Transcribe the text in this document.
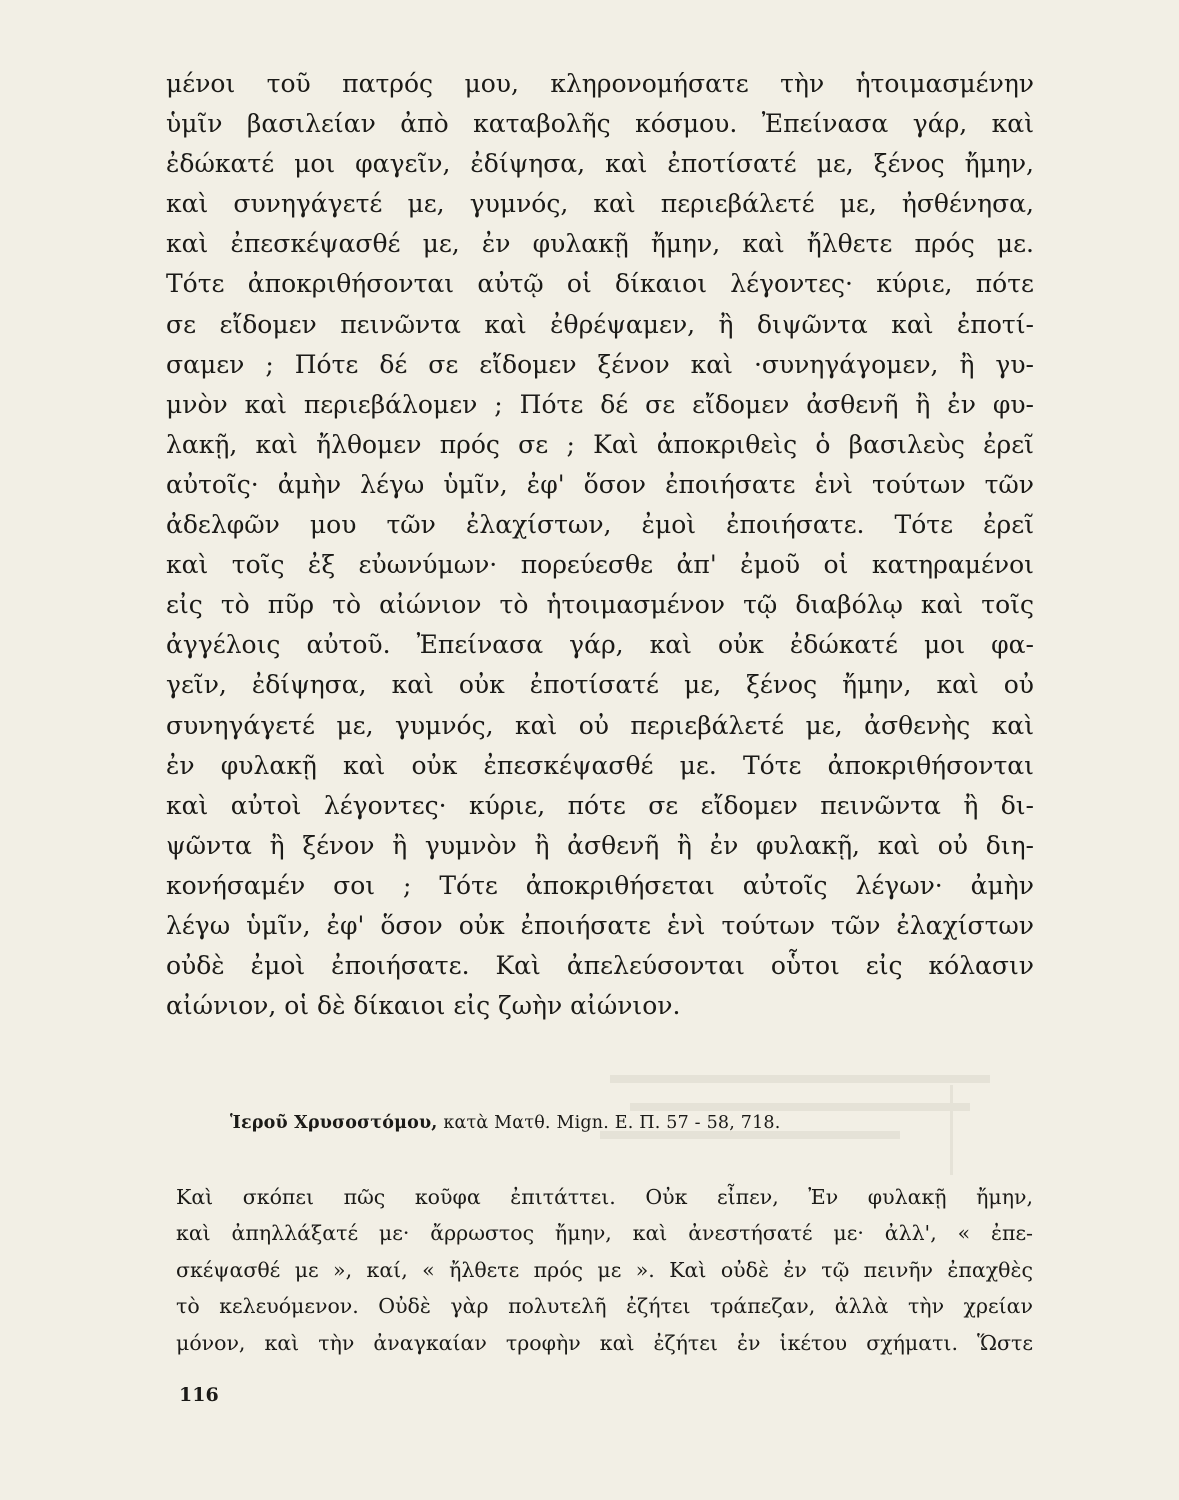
μένοι τοῦ πατρός μου, κληρονομήσατε τὴν ἡτοιμασμένην
ὑμῖν βασιλείαν ἀπὸ καταβολῆς κόσμου. Ἐπείνασα γάρ, καὶ
ἐδώκατέ μοι φαγεῖν, ἐδίψησα, καὶ ἐποτίσατέ με, ξένος ἤμην,
καὶ συνηγάγετέ με, γυμνός, καὶ περιεβάλετέ με, ἠσθένησα,
καὶ ἐπεσκέψασθέ με, ἐν φυλακῇ ἤμην, καὶ ἤλθετε πρός με.
Τότε ἀποκριθήσονται αὐτῷ οἱ δίκαιοι λέγοντες· κύριε, πότε
σε εἴδομεν πεινῶντα καὶ ἐθρέψαμεν, ἢ διψῶντα καὶ ἐποτί-
σαμεν ; Πότε δέ σε εἴδομεν ξένον καὶ ·συνηγάγομεν, ἢ γυ-
μνὸν καὶ περιεβάλομεν ; Πότε δέ σε εἴδομεν ἀσθενῆ ἢ ἐν φυ-
λακῇ, καὶ ἤλθομεν πρός σε ; Καὶ ἀποκριθεὶς ὁ βασιλεὺς ἐρεῖ
αὐτοῖς· ἀμὴν λέγω ὑμῖν, ἐφ' ὅσον ἐποιήσατε ἑνὶ τούτων τῶν
ἀδελφῶν μου τῶν ἐλαχίστων, ἐμοὶ ἐποιήσατε. Τότε ἐρεῖ
καὶ τοῖς ἐξ εὐωνύμων· πορεύεσθε ἀπ' ἐμοῦ οἱ κατηραμένοι
εἰς τὸ πῦρ τὸ αἰώνιον τὸ ἡτοιμασμένον τῷ διαβόλῳ καὶ τοῖς
ἀγγέλοις αὐτοῦ. Ἐπείνασα γάρ, καὶ οὐκ ἐδώκατέ μοι φα-
γεῖν, ἐδίψησα, καὶ οὐκ ἐποτίσατέ με, ξένος ἤμην, καὶ οὐ
συνηγάγετέ με, γυμνός, καὶ οὐ περιεβάλετέ με, ἀσθενὴς καὶ
ἐν φυλακῇ καὶ οὐκ ἐπεσκέψασθέ με. Τότε ἀποκριθήσονται
καὶ αὐτοὶ λέγοντες· κύριε, πότε σε εἴδομεν πεινῶντα ἢ δι-
ψῶντα ἢ ξένον ἢ γυμνὸν ἢ ἀσθενῆ ἢ ἐν φυλακῇ, καὶ οὐ διη-
κονήσαμέν σοι ; Τότε ἀποκριθήσεται αὐτοῖς λέγων· ἀμὴν
λέγω ὑμῖν, ἐφ' ὅσον οὐκ ἐποιήσατε ἑνὶ τούτων τῶν ἐλαχίστων
οὐδὲ ἐμοὶ ἐποιήσατε. Καὶ ἀπελεύσονται οὗτοι εἰς κόλασιν
αἰώνιον, οἱ δὲ δίκαιοι εἰς ζωὴν αἰώνιον.
Ἱεροῦ Χρυσοστόμου, κατὰ Ματθ. Mign. E. Π. 57 - 58, 718.
Καὶ σκόπει πῶς κοῦφα ἐπιτάττει. Οὐκ εἶπεν, Ἐν φυλακῇ ἤμην,
καὶ ἀπηλλάξατέ με· ἄρρωστος ἤμην, καὶ ἀνεστήσατέ με· ἀλλ', « ἐπε-
σκέψασθέ με », καί, « ἤλθετε πρός με ». Καὶ οὐδὲ ἐν τῷ πεινῆν ἐπαχθὲς
τὸ κελευόμενον. Οὐδὲ γὰρ πολυτελῆ ἐζήτει τράπεζαν, ἀλλὰ τὴν χρείαν
μόνον, καὶ τὴν ἀναγκαίαν τροφὴν καὶ ἐζήτει ἐν ἱκέτου σχήματι. Ὥστε
116
